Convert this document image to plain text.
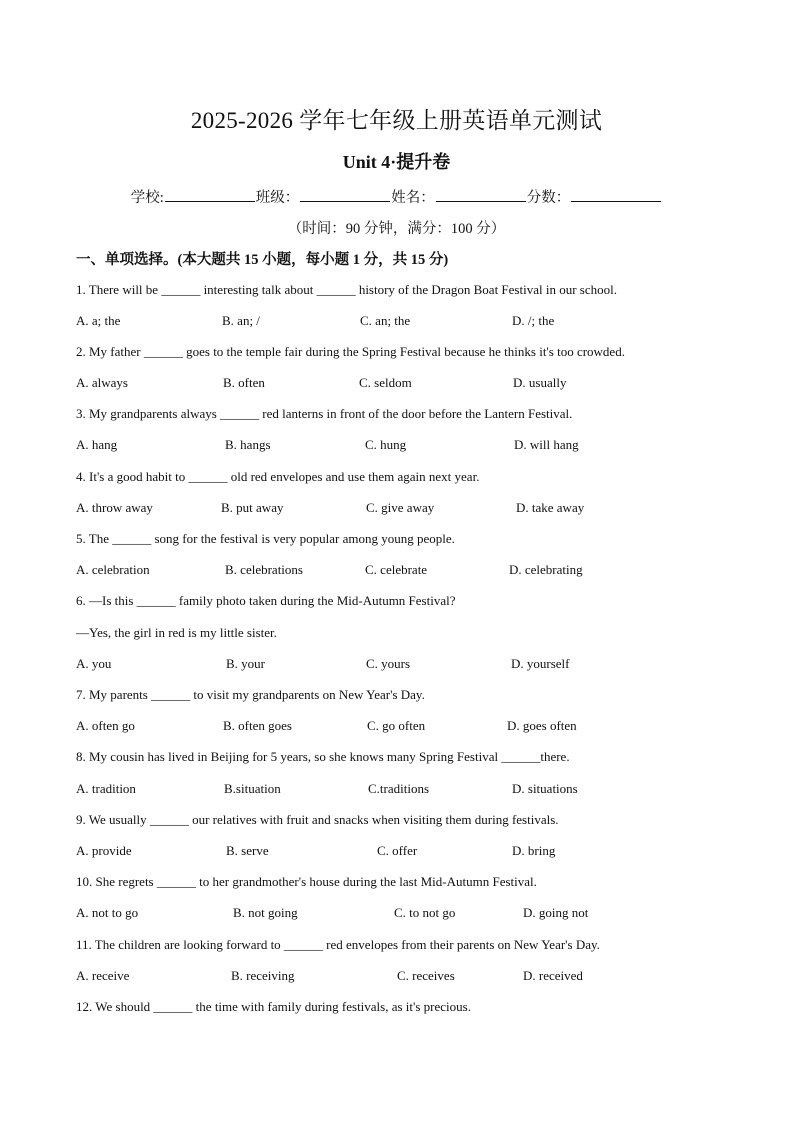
2025-2026 学年七年级上册英语单元测试
Unit 4·提升卷
学校:	班级：	姓名：	分数：
（时间：90 分钟，满分：100 分）
一、单项选择。(本大题共 15 小题，每小题 1 分，共 15 分)
1. There will be ______ interesting talk about ______ history of the Dragon Boat Festival in our school.
A. a; the	B. an; /	C. an; the	D. /; the
2. My father ______ goes to the temple fair during the Spring Festival because he thinks it's too crowded.
A. always	B. often	C. seldom	D. usually
3. My grandparents always ______ red lanterns in front of the door before the Lantern Festival.
A. hang	B. hangs	C. hung	D. will hang
4. It's a good habit to ______ old red envelopes and use them again next year.
A. throw away	B. put away	C. give away	D. take away
5. The ______ song for the festival is very popular among young people.
A. celebration	B. celebrations	C. celebrate	D. celebrating
6. —Is this ______ family photo taken during the Mid-Autumn Festival?
—Yes, the girl in red is my little sister.
A. you	B. your	C. yours	D. yourself
7. My parents ______ to visit my grandparents on New Year's Day.
A. often go	B. often goes	C. go often	D. goes often
8. My cousin has lived in Beijing for 5 years, so she knows many Spring Festival ______there.
A. tradition	B.situation	C.traditions	D. situations
9. We usually ______ our relatives with fruit and snacks when visiting them during festivals.
A. provide	B. serve	C. offer	D. bring
10. She regrets ______ to her grandmother's house during the last Mid-Autumn Festival.
A. not to go	B. not going	C. to not go	D. going not
11. The children are looking forward to ______ red envelopes from their parents on New Year's Day.
A. receive	B. receiving	C. receives	D. received
12. We should ______ the time with family during festivals, as it's precious.
